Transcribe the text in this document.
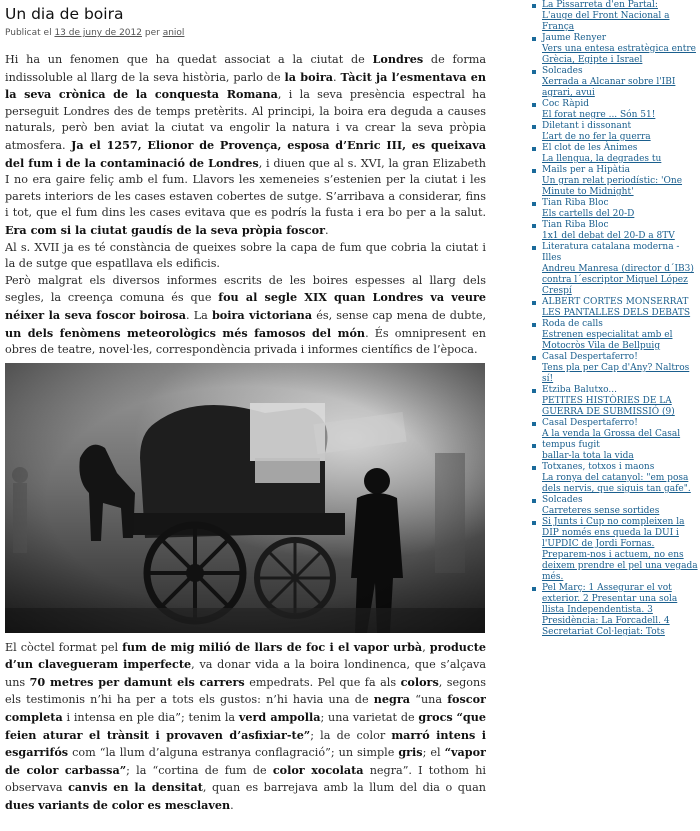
Un dia de boira
Publicat el 13 de juny de 2012 per aniol

Hi ha un fenomen que ha quedat associat a la ciutat de Londres de forma indissoluble al llarg de la seva història, parlo de la boira. Tàcit ja l’esmentava en la seva crònica de la conquesta Romana, i la seva presència espectral ha perseguit Londres des de temps pretèrits. Al principi, la boira era deguda a causes naturals, però ben aviat la ciutat va engolir la natura i va crear la seva pròpia atmosfera. Ja el 1257, Elionor de Provença, esposa d’Enric III, es queixava del fum i de la contaminació de Londres, i diuen que al s. XVI, la gran Elizabeth I no era gaire feliç amb el fum. Llavors les xemeneies s’estenien per la ciutat i les parets interiors de les cases estaven cobertes de sutge. S’arribava a considerar, fins i tot, que el fum dins les cases evitava que es podrís la fusta i era bo per a la salut. Era com si la ciutat gaudís de la seva pròpia foscor.

Al s. XVII ja es té constància de queixes sobre la capa de fum que cobria la ciutat i la de sutge que espatllava els edificis.

Però malgrat els diversos informes escrits de les boires espesses al llarg dels segles, la creença comuna és que fou al segle XIX quan Londres va veure néixer la seva foscor boirosa. La boira victoriana és, sense cap mena de dubte, un dels fenòmens meteorològics més famosos del món. És omnipresent en obres de teatre, novel·les, correspondència privada i informes científics de l’època.

El còctel format pel fum de mig milió de llars de foc i el vapor urbà, producte d’un clavegueram imperfecte, va donar vida a la boira londinenca, que s’alçava uns 70 metres per damunt els carrers empedrats. Pel que fa als colors, segons els testimonis n’hi ha per a tots els gustos: n’hi havia una de negra “una foscor completa i intensa en ple dia”; tenim la verd ampolla; una varietat de grocs “que feien aturar el trànsit i provaven d’asfixiar-te”; la de color marró intens i esgarrifós com “la llum d’alguna estranya conflagració”; un simple gris; el “vapor de color carbassa”; la “cortina de fum de color xocolata negra”. I tothom hi observava canvis en la densitat, quan es barrejava amb la llum del dia o quan dues variants de color es mesclaven.

La Pissarreta d'en Partal:
L'auge del Front Nacional a França
Jaume Renyer
Vers una entesa estratègica entre Grècia, Egipte i Israel
Solcades
Xerrada a Alcanar sobre l'IBI agrari, avui
Coc Ràpid
El forat negre ... Són 51!
Diletant i dissonant
L’art de no fer la guerra
El clot de les Ànimes
La llengua, la degrades tu
Mails per a Hipàtia
Un gran relat periodístic: 'One Minute to Midnight'
Tian Riba Bloc
Els cartells del 20-D
Tian Riba Bloc
1x1 del debat del 20-D a 8TV
Literatura catalana moderna - Illes
Andreu Manresa (director d´IB3) contra l´escriptor Miquel López Crespí
ALBERT CORTES MONSERRAT
LES PANTALLES DELS DEBATS
Roda de calls
Estrenen especialitat amb el Motocròs Vila de Bellpuig
Casal Despertaferro!
Tens pla per Cap d'Any? Naltros sí!
Etziba Balutxo...
PETITES HISTÒRIES DE LA GUERRA DE SUBMISSIÓ (9)
Casal Despertaferro!
A la venda la Grossa del Casal
tempus fugit
ballar-la tota la vida
Totxanes, totxos i maons
La ronya del catanyol: "em posa dels nervis, que siguis tan gafe".
Solcades
Carreteres sense sortides
Si Junts i Cup no compleixen la DIP només ens queda la DUI i l'UPDIC de Jordi Fornas. Preparem-nos i actuem, no ens deixem prendre el pel una vegada més.
Pel Març: 1 Assegurar el vot exterior. 2 Presentar una sola llista Independentista. 3 Presidència: La Forcadell. 4 Secretariat Col·legiat: Tots
